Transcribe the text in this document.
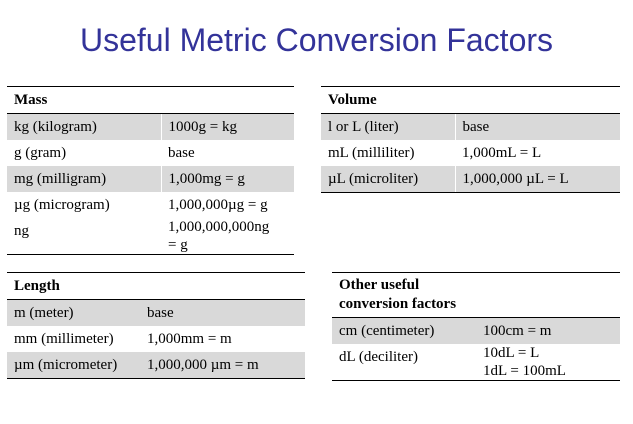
Useful Metric Conversion Factors
Mass	
kg (kilogram)	1000g = kg
g (gram)	base
mg (milligram)	1,000mg = g
µg (microgram)	1,000,000µg = g
ng	1,000,000,000ng
= g
Volume	
l or L (liter)	base
mL (milliliter)	1,000mL = L
µL (microliter)	1,000,000 µL = L
Length	
m (meter)	base
mm (millimeter)	1,000mm = m
µm (micrometer)	1,000,000 µm = m
Other useful
conversion factors	

cm (centimeter)	100cm = m
dL (deciliter)	10dL = L
1dL = 100mL
